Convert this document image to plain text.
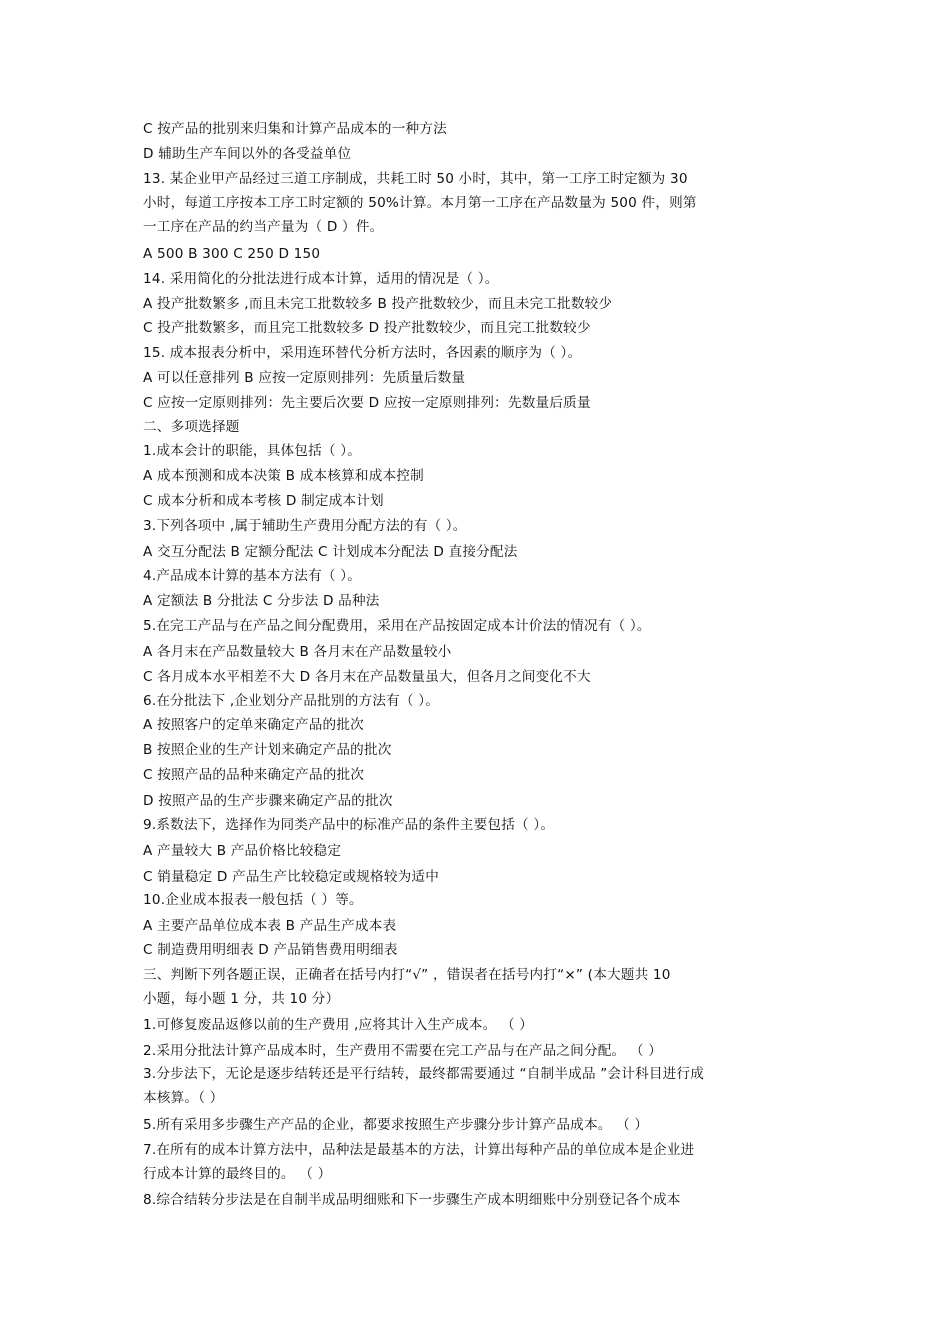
C 按产品的批别来归集和计算产品成本的一种方法
D 辅助生产车间以外的各受益单位
13. 某企业甲产品经过三道工序制成，共耗工时 50 小时，其中，第一工序工时定额为 30
小时，每道工序按本工序工时定额的 50%计算。本月第一工序在产品数量为 500 件，则第
一工序在产品的约当产量为（ D ）件。
A 500 B 300 C 250 D 150
14. 采用简化的分批法进行成本计算，适用的情况是（ ）。
A 投产批数繁多 ,而且未完工批数较多 B 投产批数较少，而且未完工批数较少
C 投产批数繁多，而且完工批数较多 D 投产批数较少，而且完工批数较少
15. 成本报表分析中，采用连环替代分析方法时，各因素的顺序为（ ）。
A 可以任意排列 B 应按一定原则排列：先质量后数量
C 应按一定原则排列：先主要后次要 D 应按一定原则排列：先数量后质量
二、多项选择题
1.成本会计的职能，具体包括（ ）。
A 成本预测和成本决策 B 成本核算和成本控制
C 成本分析和成本考核 D 制定成本计划
3.下列各项中 ,属于辅助生产费用分配方法的有（ ）。
A 交互分配法 B 定额分配法 C 计划成本分配法 D 直接分配法
4.产品成本计算的基本方法有（ ）。
A 定额法 B 分批法 C 分步法 D 品种法
5.在完工产品与在产品之间分配费用，采用在产品按固定成本计价法的情况有（ ）。
A 各月末在产品数量较大 B 各月末在产品数量较小
C 各月成本水平相差不大 D 各月末在产品数量虽大，但各月之间变化不大
6.在分批法下 ,企业划分产品批别的方法有（ ）。
A 按照客户的定单来确定产品的批次
B 按照企业的生产计划来确定产品的批次
C 按照产品的品种来确定产品的批次
D 按照产品的生产步骤来确定产品的批次
9.系数法下，选择作为同类产品中的标准产品的条件主要包括（ ）。
A 产量较大 B 产品价格比较稳定
C 销量稳定 D 产品生产比较稳定或规格较为适中
10.企业成本报表一般包括（ ）等。
A 主要产品单位成本表 B 产品生产成本表
C 制造费用明细表 D 产品销售费用明细表
三、判断下列各题正误，正确者在括号内打“√” ，错误者在括号内打“×” (本大题共 10
小题，每小题 1 分，共 10 分）
1.可修复废品返修以前的生产费用 ,应将其计入生产成本。 （ ）
2.采用分批法计算产品成本时，生产费用不需要在完工产品与在产品之间分配。 （ ）
3.分步法下，无论是逐步结转还是平行结转，最终都需要通过 “自制半成品 ”会计科目进行成
本核算。（ ）
5.所有采用多步骤生产产品的企业，都要求按照生产步骤分步计算产品成本。 （ ）
7.在所有的成本计算方法中，品种法是最基本的方法，计算出每种产品的单位成本是企业进
行成本计算的最终目的。 （ ）
8.综合结转分步法是在自制半成品明细账和下一步骤生产成本明细账中分别登记各个成本
